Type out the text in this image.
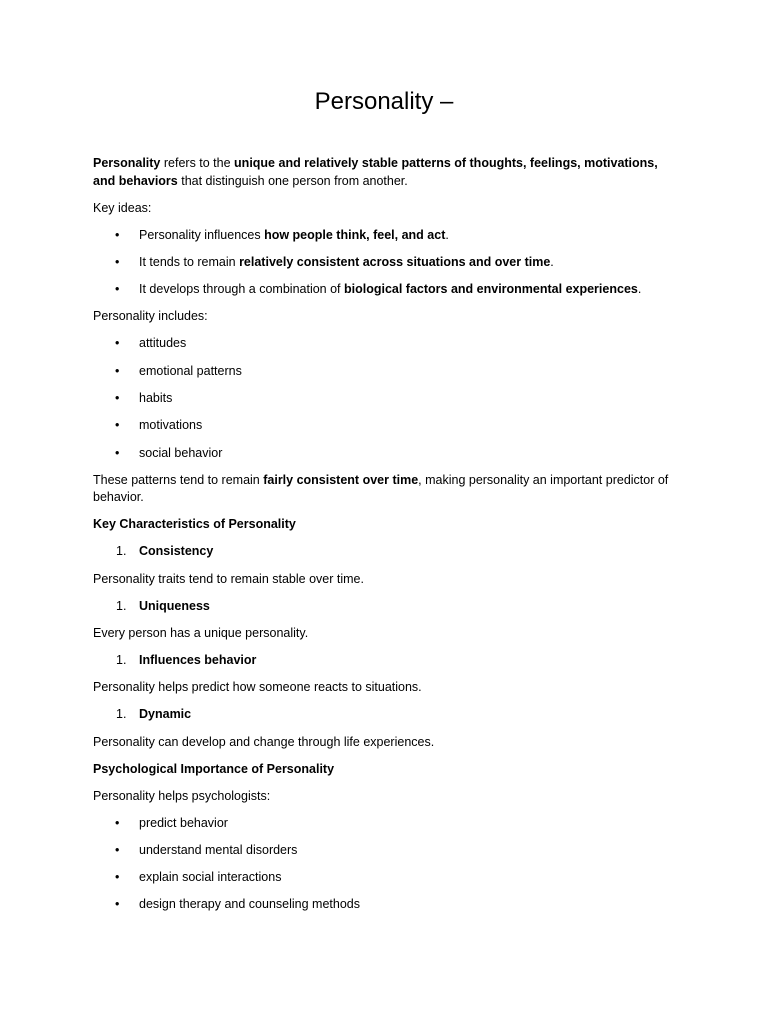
Personality –

Personality refers to the unique and relatively stable patterns of thoughts, feelings, motivations, and behaviors that distinguish one person from another.

Key ideas:

• Personality influences how people think, feel, and act.
• It tends to remain relatively consistent across situations and over time.
• It develops through a combination of biological factors and environmental experiences.

Personality includes:

• attitudes
• emotional patterns
• habits
• motivations
• social behavior

These patterns tend to remain fairly consistent over time, making personality an important predictor of behavior.

Key Characteristics of Personality

1. Consistency

Personality traits tend to remain stable over time.

1. Uniqueness

Every person has a unique personality.

1. Influences behavior

Personality helps predict how someone reacts to situations.

1. Dynamic

Personality can develop and change through life experiences.

Psychological Importance of Personality

Personality helps psychologists:

• predict behavior
• understand mental disorders
• explain social interactions
• design therapy and counseling methods
